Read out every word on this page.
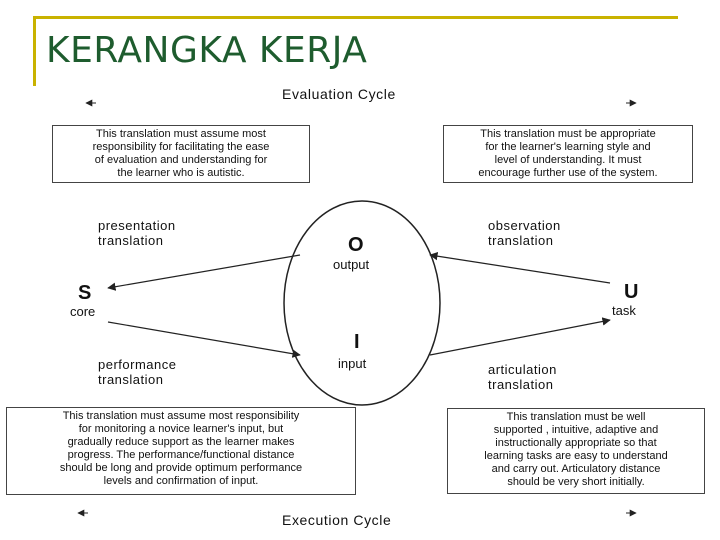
KERANGKA KERJA
Evaluation Cycle
Execution Cycle
This translation must assume most
responsibility for facilitating the ease
of evaluation and understanding for
the learner who is autistic.
This translation must be appropriate
for the learner's learning style and
level of understanding. It must
encourage further use of the system.
This translation must assume most responsibility
for monitoring a novice learner's input, but
gradually reduce support as the learner makes
progress. The performance/functional distance
should be long and provide optimum performance
levels and confirmation of input.
This translation must be well
supported , intuitive, adaptive and
instructionally appropriate so that
learning tasks are easy to understand
and carry out. Articulatory distance
should be very short initially.
presentation
translation
observation
translation
performance
translation
articulation
translation
O
output
I
input
S
core
U
task
